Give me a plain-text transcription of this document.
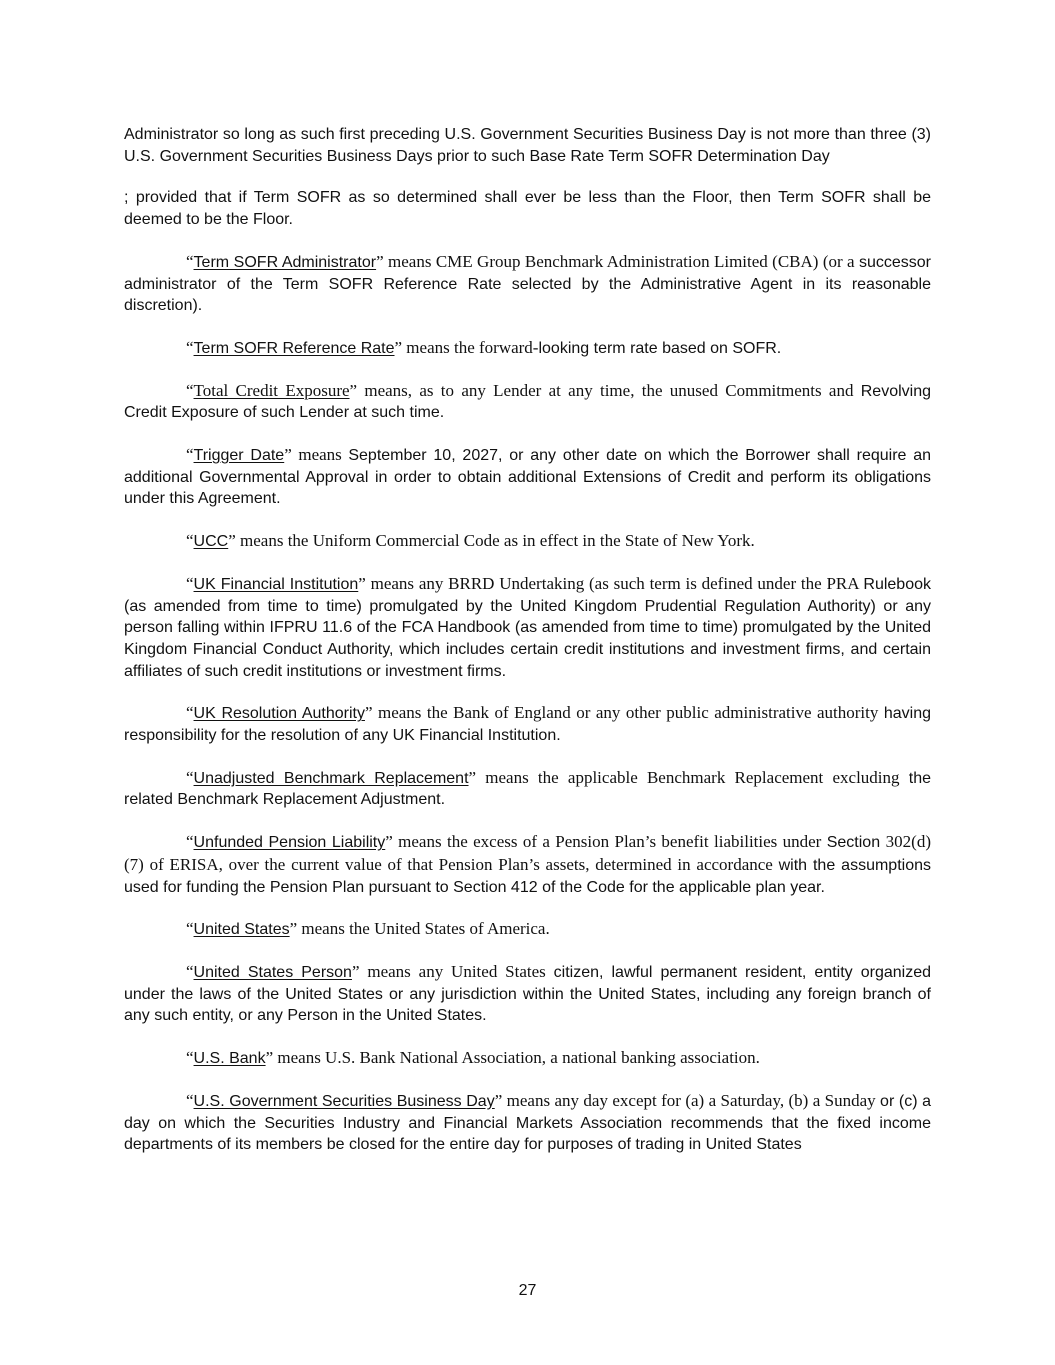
Administrator so long as such first preceding U.S. Government Securities Business Day is not more than three (3) U.S. Government Securities Business Days prior to such Base Rate Term SOFR Determination Day

; provided that if Term SOFR as so determined shall ever be less than the Floor, then Term SOFR shall be deemed to be the Floor.

“Term SOFR Administrator” means CME Group Benchmark Administration Limited (CBA) (or a successor administrator of the Term SOFR Reference Rate selected by the Administrative Agent in its reasonable discretion).

“Term SOFR Reference Rate” means the forward-looking term rate based on SOFR.

“Total Credit Exposure” means, as to any Lender at any time, the unused Commitments and Revolving Credit Exposure of such Lender at such time.

“Trigger Date” means September 10, 2027, or any other date on which the Borrower shall require an additional Governmental Approval in order to obtain additional Extensions of Credit and perform its obligations under this Agreement.

“UCC” means the Uniform Commercial Code as in effect in the State of New York.

“UK Financial Institution” means any BRRD Undertaking (as such term is defined under the PRA Rulebook (as amended from time to time) promulgated by the United Kingdom Prudential Regulation Authority) or any person falling within IFPRU 11.6 of the FCA Handbook (as amended from time to time) promulgated by the United Kingdom Financial Conduct Authority, which includes certain credit institutions and investment firms, and certain affiliates of such credit institutions or investment firms.

“UK Resolution Authority” means the Bank of England or any other public administrative authority having responsibility for the resolution of any UK Financial Institution.

“Unadjusted Benchmark Replacement” means the applicable Benchmark Replacement excluding the related Benchmark Replacement Adjustment.

“Unfunded Pension Liability” means the excess of a Pension Plan’s benefit liabilities under Section 302(d)(7) of ERISA, over the current value of that Pension Plan’s assets, determined in accordance with the assumptions used for funding the Pension Plan pursuant to Section 412 of the Code for the applicable plan year.

“United States” means the United States of America.

“United States Person” means any United States citizen, lawful permanent resident, entity organized under the laws of the United States or any jurisdiction within the United States, including any foreign branch of any such entity, or any Person in the United States.

“U.S. Bank” means U.S. Bank National Association, a national banking association.

“U.S. Government Securities Business Day” means any day except for (a) a Saturday, (b) a Sunday or (c) a day on which the Securities Industry and Financial Markets Association recommends that the fixed income departments of its members be closed for the entire day for purposes of trading in United States

27
